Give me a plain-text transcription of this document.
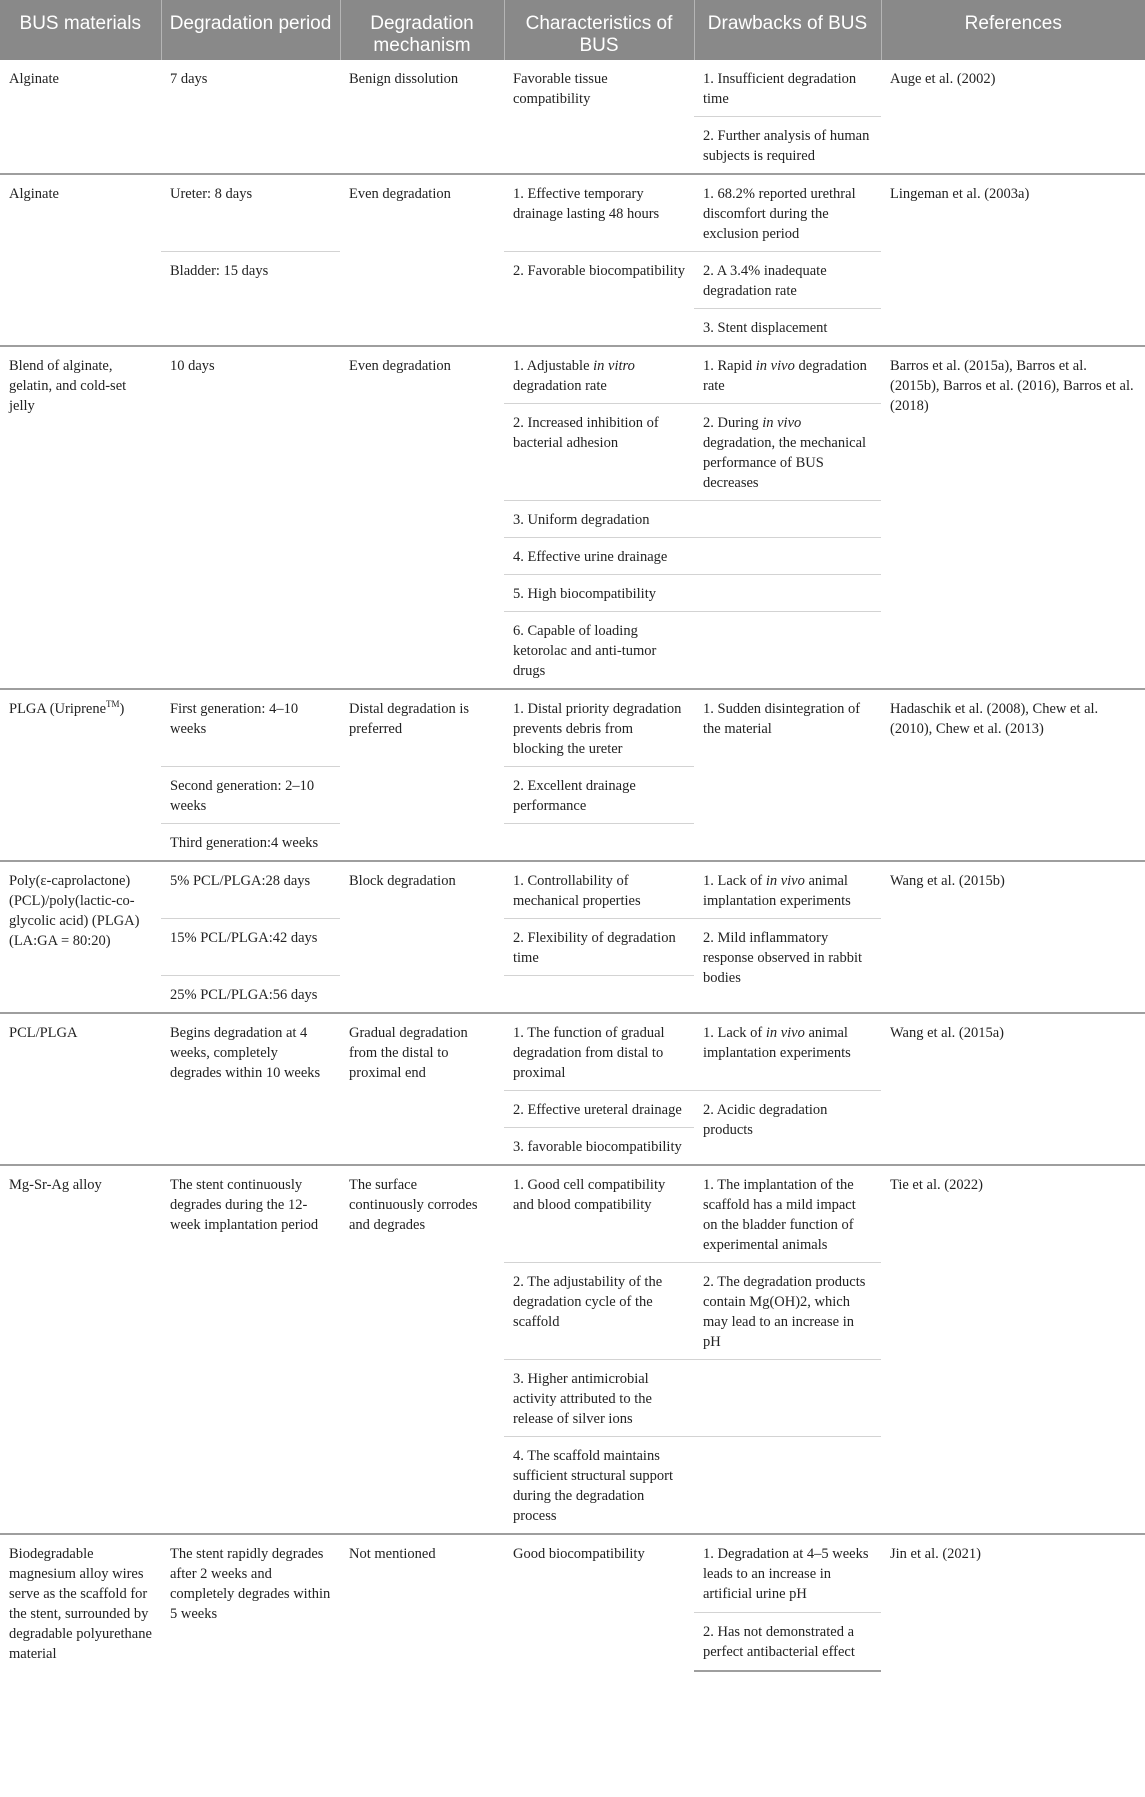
BUS materials	Degradation period	Degradation mechanism	Characteristics of BUS	Drawbacks of BUS	References
Alginate	7 days	Benign dissolution	Favorable tissue compatibility	1. Insufficient degradation time	Auge et al. (2002)
				2. Further analysis of human subjects is required	
Alginate	Ureter: 8 days	Even degradation	1. Effective temporary drainage lasting 48 hours	1. 68.2% reported urethral discomfort during the exclusion period	Lingeman et al. (2003a)
	Bladder: 15 days		2. Favorable biocompatibility	2. A 3.4% inadequate degradation rate	
				3. Stent displacement	
Blend of alginate, gelatin, and cold-set jelly	10 days	Even degradation	1. Adjustable in vitro degradation rate	1. Rapid in vivo degradation rate	Barros et al. (2015a), Barros et al. (2015b), Barros et al. (2016), Barros et al. (2018)
			2. Increased inhibition of bacterial adhesion	2. During in vivo degradation, the mechanical performance of BUS decreases	
			3. Uniform degradation		
			4. Effective urine drainage		
			5. High biocompatibility		
			6. Capable of loading ketorolac and anti-tumor drugs		
PLGA (Uriprene™)	First generation: 4–10 weeks	Distal degradation is preferred	1. Distal priority degradation prevents debris from blocking the ureter	1. Sudden disintegration of the material	Hadaschik et al. (2008), Chew et al. (2010), Chew et al. (2013)
	Second generation: 2–10 weeks		2. Excellent drainage performance		
	Third generation:4 weeks				
Poly(ε-caprolactone) (PCL)/poly(lactic-co-glycolic acid) (PLGA) (LA:GA = 80:20)	5% PCL/PLGA:28 days	Block degradation	1. Controllability of mechanical properties	1. Lack of in vivo animal implantation experiments	Wang et al. (2015b)
	15% PCL/PLGA:42 days		2. Flexibility of degradation time	2. Mild inflammatory response observed in rabbit bodies	
	25% PCL/PLGA:56 days				
PCL/PLGA	Begins degradation at 4 weeks, completely degrades within 10 weeks	Gradual degradation from the distal to proximal end	1. The function of gradual degradation from distal to proximal	1. Lack of in vivo animal implantation experiments	Wang et al. (2015a)
			2. Effective ureteral drainage	2. Acidic degradation products	
			3. favorable biocompatibility		
Mg-Sr-Ag alloy	The stent continuously degrades during the 12-week implantation period	The surface continuously corrodes and degrades	1. Good cell compatibility and blood compatibility	1. The implantation of the scaffold has a mild impact on the bladder function of experimental animals	Tie et al. (2022)
			2. The adjustability of the degradation cycle of the scaffold	2. The degradation products contain Mg(OH)2, which may lead to an increase in pH	
			3. Higher antimicrobial activity attributed to the release of silver ions		
			4. The scaffold maintains sufficient structural support during the degradation process		
Biodegradable magnesium alloy wires serve as the scaffold for the stent, surrounded by degradable polyurethane material	The stent rapidly degrades after 2 weeks and completely degrades within 5 weeks	Not mentioned	Good biocompatibility	1. Degradation at 4–5 weeks leads to an increase in artificial urine pH	Jin et al. (2021)
				2. Has not demonstrated a perfect antibacterial effect	
